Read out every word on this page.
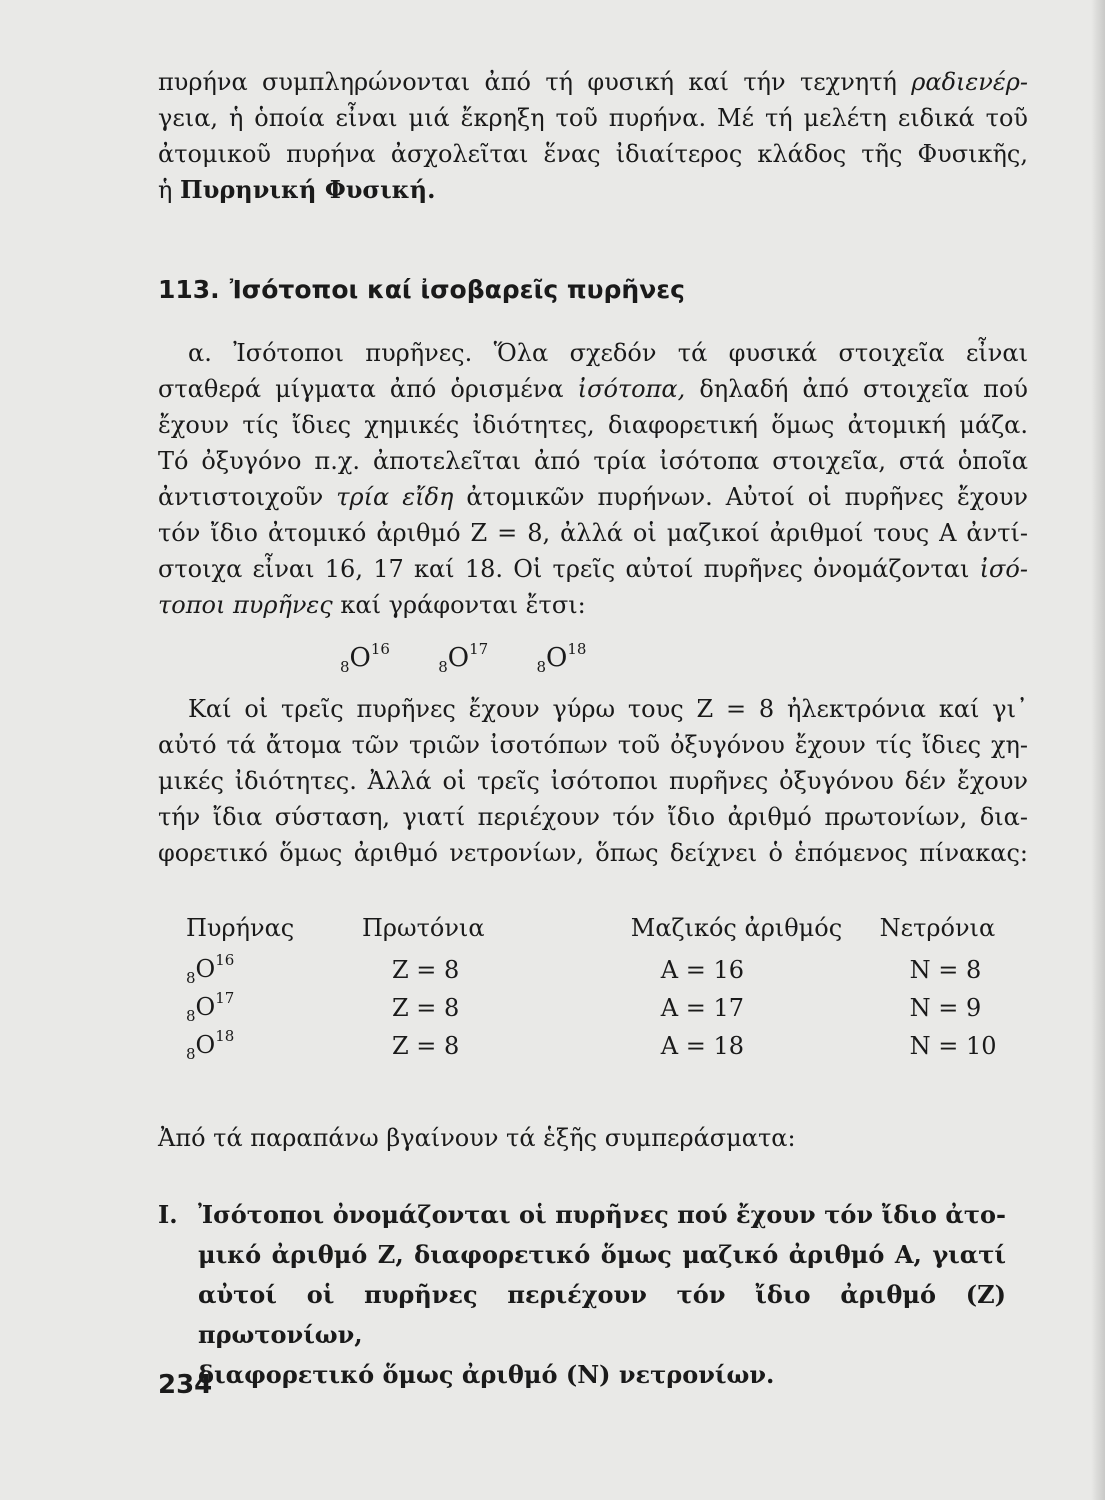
πυρήνα συμπληρώνονται ἀπό τή φυσική καί τήν τεχνητή ραδιενέρ-
γεια, ἡ ὁποία εἶναι μιά ἔκρηξη τοῦ πυρήνα. Μέ τή μελέτη ειδικά τοῦ
ἀτομικοῦ πυρήνα ἀσχολεῖται ἕνας ἰδιαίτερος κλάδος τῆς Φυσικῆς,
ἡ Πυρηνική Φυσική.
113. Ἰσότοποι καί ἰσοβαρεῖς πυρῆνες
α. Ἰσότοποι πυρῆνες. Ὅλα σχεδόν τά φυσικά στοιχεῖα εἶναι
σταθερά μίγματα ἀπό ὁρισμένα ἰσότοπα, δηλαδή ἀπό στοιχεῖα πού
ἔχουν τίς ἴδιες χημικές ἰδιότητες, διαφορετική ὅμως ἀτομική μάζα.
Τό ὀξυγόνο π.χ. ἀποτελεῖται ἀπό τρία ἰσότοπα στοιχεῖα, στά ὁποῖα
ἀντιστοιχοῦν τρία εἴδη ἀτομικῶν πυρήνων. Αὐτοί οἱ πυρῆνες ἔχουν
τόν ἴδιο ἀτομικό ἀριθμό Ζ = 8, ἀλλά οἱ μαζικοί ἀριθμοί τους Α ἀντί-
στοιχα εἶναι 16, 17 καί 18. Οἱ τρεῖς αὐτοί πυρῆνες ὀνομάζονται ἰσό-
τοποι πυρῆνες καί γράφονται ἔτσι:
$_8O^{16}$ $_8O^{17}$ $_8O^{18}$
Καί οἱ τρεῖς πυρῆνες ἔχουν γύρω τους Ζ = 8 ἠλεκτρόνια καί γι᾽
αὐτό τά ἄτομα τῶν τριῶν ἰσοτόπων τοῦ ὀξυγόνου ἔχουν τίς ἴδιες χη-
μικές ἰδιότητες. Ἀλλά οἱ τρεῖς ἰσότοποι πυρῆνες ὀξυγόνου δέν ἔχουν
τήν ἴδια σύσταση, γιατί περιέχουν τόν ἴδιο ἀριθμό πρωτονίων, δια-
φορετικό ὅμως ἀριθμό νετρονίων, ὅπως δείχνει ὁ ἑπόμενος πίνακας:
Πυρήνας	Πρωτόνια	Μαζικός ἀριθμός	Νετρόνια
$_8O^{16}$	Ζ = 8	Α = 16	Ν = 8
$_8O^{17}$	Ζ = 8	Α = 17	Ν = 9
$_8O^{18}$	Ζ = 8	Α = 18	Ν = 10
Ἀπό τά παραπάνω βγαίνουν τά ἑξῆς συμπεράσματα:
Ι. Ἰσότοποι ὀνομάζονται οἱ πυρῆνες πού ἔχουν τόν ἴδιο ἀτο-
μικό ἀριθμό Ζ, διαφορετικό ὅμως μαζικό ἀριθμό Α, γιατί
αὐτοί οἱ πυρῆνες περιέχουν τόν ἴδιο ἀριθμό (Ζ) πρωτονίων,
διαφορετικό ὅμως ἀριθμό (Ν) νετρονίων.
234
